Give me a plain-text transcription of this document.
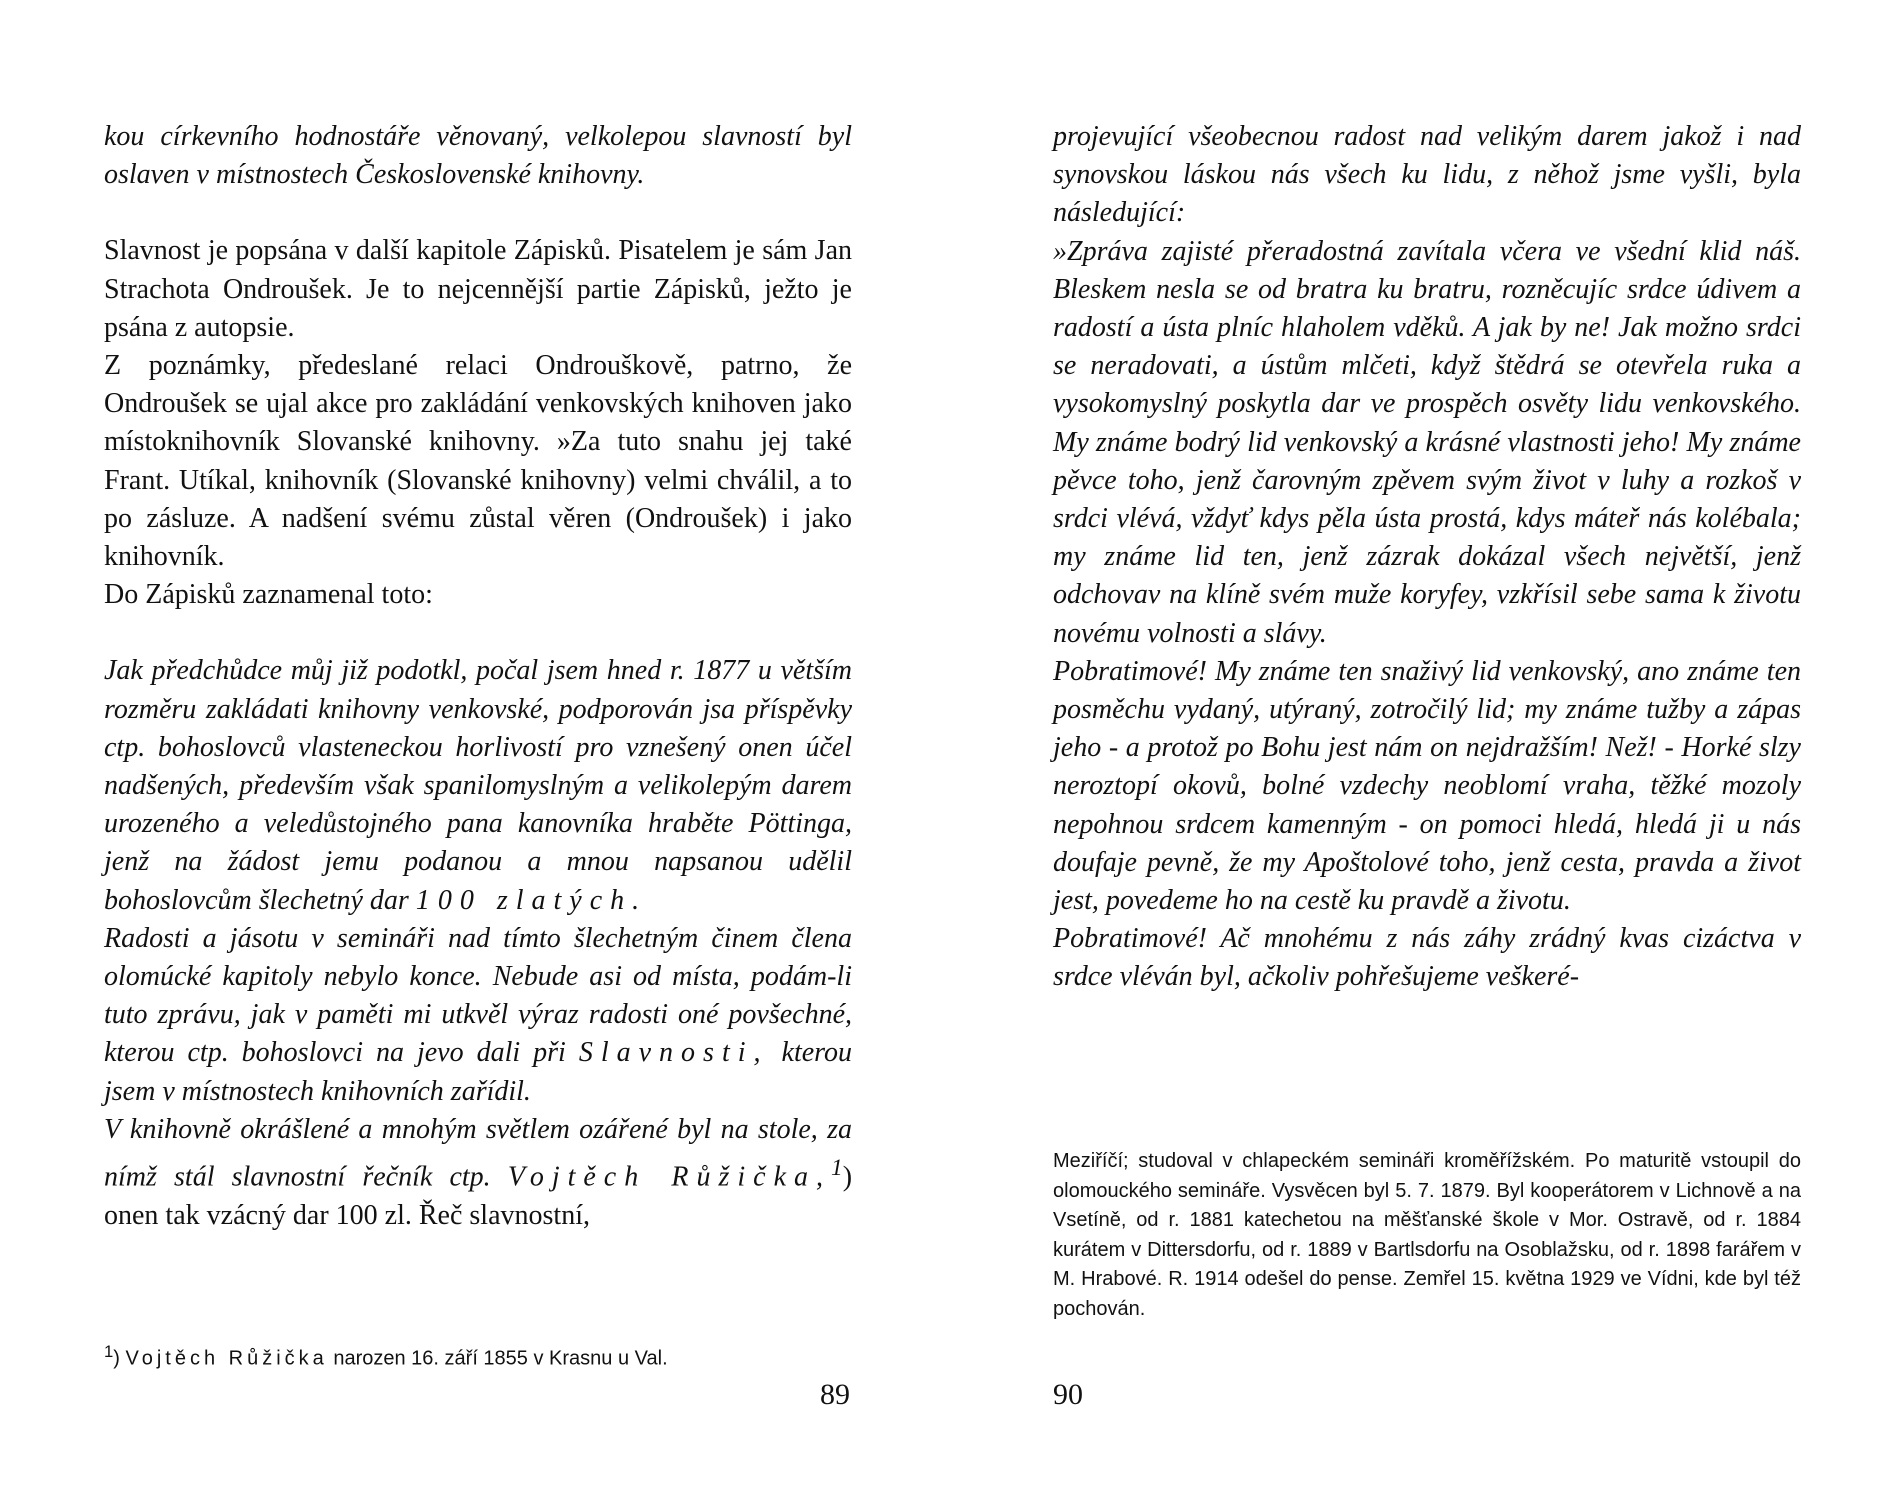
kou církevního hodnostáře věnovaný, velkolepou slavností byl oslaven v místnostech Československé knihovny.

Slavnost je popsána v další kapitole Zápisků. Pisatelem je sám Jan Strachota Ondroušek. Je to nejcennější partie Zápisků, ježto je psána z autopsie.

Z poznámky, předeslané relaci Ondrouškově, patrno, že Ondroušek se ujal akce pro zakládání venkovských knihoven jako místoknihovník Slovanské knihovny. »Za tuto snahu jej také Frant. Utíkal, knihovník (Slovanské knihovny) velmi chválil, a to po zásluze. A nadšení svému zůstal věren (Ondroušek) i jako knihovník.

Do Zápisků zaznamenal toto:

Jak předchůdce můj již podotkl, počal jsem hned r. 1877 u větším rozměru zakládati knihovny venkovské, podporován jsa příspěvky ctp. bohoslovců vlasteneckou horlivostí pro vznešený onen účel nadšených, především však spanilomyslným a velikolepým darem urozeného a veledůstojného pana kanovníka hraběte Pöttinga, jenž na žádost jemu podanou a mnou napsanou udělil bohoslovcům šlechetný dar 100 zlatých.

Radosti a jásotu v semináři nad tímto šlechetným činem člena olomúcké kapitoly nebylo konce. Nebude asi od místa, podám-li tuto zprávu, jak v paměti mi utkvěl výraz radosti oné povšechné, kterou ctp. bohoslovci na jevo dali při Slavnosti, kterou jsem v místnostech knihovních zařídil.

V knihovně okrášlené a mnohým světlem ozářené byl na stole, za nímž stál slavnostní řečník ctp. Vojtěch Růžička,$^1$) onen tak vzácný dar 100 zl. Řeč slavnostní,

$^1$) Vojtěch Růžička narozen 16. září 1855 v Krasnu u Val.
89

projevující všeobecnou radost nad velikým darem jakož i nad synovskou láskou nás všech ku lidu, z něhož jsme vyšli, byla následující:

»Zpráva zajisté přeradostná zavítala včera ve všední klid náš. Bleskem nesla se od bratra ku bratru, rozněcujíc srdce údivem a radostí a ústa plníc hlaholem vděků. A jak by ne! Jak možno srdci se neradovati, a ústům mlčeti, když štědrá se otevřela ruka a vysokomyslný poskytla dar ve prospěch osvěty lidu venkovského. My známe bodrý lid venkovský a krásné vlastnosti jeho! My známe pěvce toho, jenž čarovným zpěvem svým život v luhy a rozkoš v srdci vlévá, vždyť kdys pěla ústa prostá, kdys máteř nás kolébala; my známe lid ten, jenž zázrak dokázal všech největší, jenž odchovav na klíně svém muže koryfey, vzkřísil sebe sama k životu novému volnosti a slávy.

Pobratimové! My známe ten snaživý lid venkovský, ano známe ten posměchu vydaný, utýraný, zotročilý lid; my známe tužby a zápas jeho - a protož po Bohu jest nám on nejdražším! Než! - Horké slzy neroztopí okovů, bolné vzdechy neoblomí vraha, těžké mozoly nepohnou srdcem kamenným - on pomoci hledá, hledá ji u nás doufaje pevně, že my Apoštolové toho, jenž cesta, pravda a život jest, povedeme ho na cestě ku pravdě a životu.

Pobratimové! Ač mnohému z nás záhy zrádný kvas cizáctva v srdce vléván byl, ačkoliv pohřešujeme veškeré-

Meziříčí; studoval v chlapeckém semináři kroměřížském. Po maturitě vstoupil do olomouckého semináře. Vysvěcen byl 5. 7. 1879. Byl kooperátorem v Lichnově a na Vsetíně, od r. 1881 katechetou na měšťanské škole v Mor. Ostravě, od r. 1884 kurátem v Dittersdorfu, od r. 1889 v Bartlsdorfu na Osoblažsku, od r. 1898 farářem v M. Hrabové. R. 1914 odešel do pense. Zemřel 15. května 1929 ve Vídni, kde byl též pochován.
90
